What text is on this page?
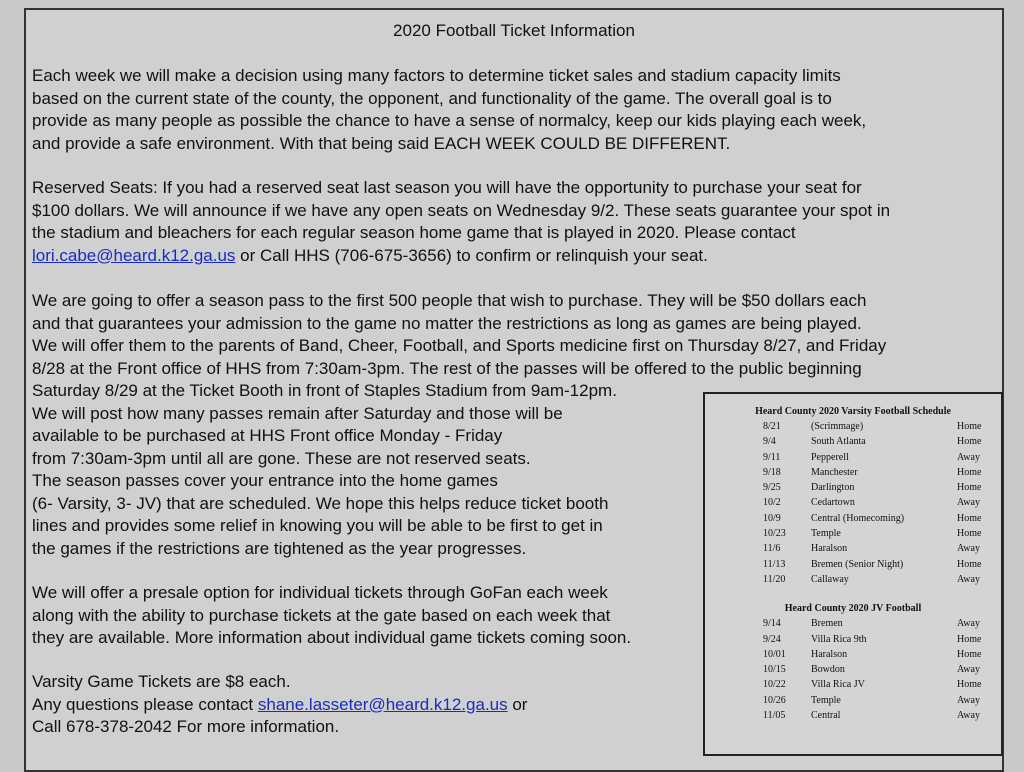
2020 Football Ticket Information
Each week we will make a decision using many factors to determine ticket sales and stadium capacity limits
based on the current state of the county, the opponent, and functionality of the game. The overall goal is to
provide as many people as possible the chance to have a sense of normalcy, keep our kids playing each week,
and provide a safe environment. With that being said EACH WEEK COULD BE DIFFERENT.
Reserved Seats: If you had a reserved seat last season you will have the opportunity to purchase your seat for
$100 dollars. We will announce if we have any open seats on Wednesday 9/2. These seats guarantee your spot in
the stadium and bleachers for each regular season home game that is played in 2020. Please contact
lori.cabe@heard.k12.ga.us or Call HHS (706-675-3656) to confirm or relinquish your seat.
We are going to offer a season pass to the first 500 people that wish to purchase. They will be $50 dollars each
and that guarantees your admission to the game no matter the restrictions as long as games are being played.
We will offer them to the parents of Band, Cheer, Football, and Sports medicine first on Thursday 8/27, and Friday
8/28 at the Front office of HHS from 7:30am-3pm. The rest of the passes will be offered to the public beginning
Saturday 8/29 at the Ticket Booth in front of Staples Stadium from 9am-12pm.
We will post how many passes remain after Saturday and those will be
available to be purchased at HHS Front office Monday - Friday
from 7:30am-3pm until all are gone. These are not reserved seats.
The season passes cover your entrance into the home games
(6- Varsity, 3- JV) that are scheduled. We hope this helps reduce ticket booth
lines and provides some relief in knowing you will be able to be first to get in
the games if the restrictions are tightened as the year progresses.
We will offer a presale option for individual tickets through GoFan each week
along with the ability to purchase tickets at the gate based on each week that
they are available. More information about individual game tickets coming soon.
Varsity Game Tickets are $8 each.
Any questions please contact shane.lasseter@heard.k12.ga.us or
Call 678-378-2042 For more information.
Heard County 2020 Varsity Football Schedule
8/21	(Scrimmage)	Home
9/4	South Atlanta	Home
9/11	Pepperell	Away
9/18	Manchester	Home
9/25	Darlington	Home
10/2	Cedartown	Away
10/9	Central (Homecoming)	Home
10/23	Temple	Home
11/6	Haralson	Away
11/13	Bremen (Senior Night)	Home
11/20	Callaway	Away
Heard County 2020 JV Football
9/14	Bremen	Away
9/24	Villa Rica 9th	Home
10/01	Haralson	Home
10/15	Bowdon	Away
10/22	Villa Rica JV	Home
10/26	Temple	Away
11/05	Central	Away
